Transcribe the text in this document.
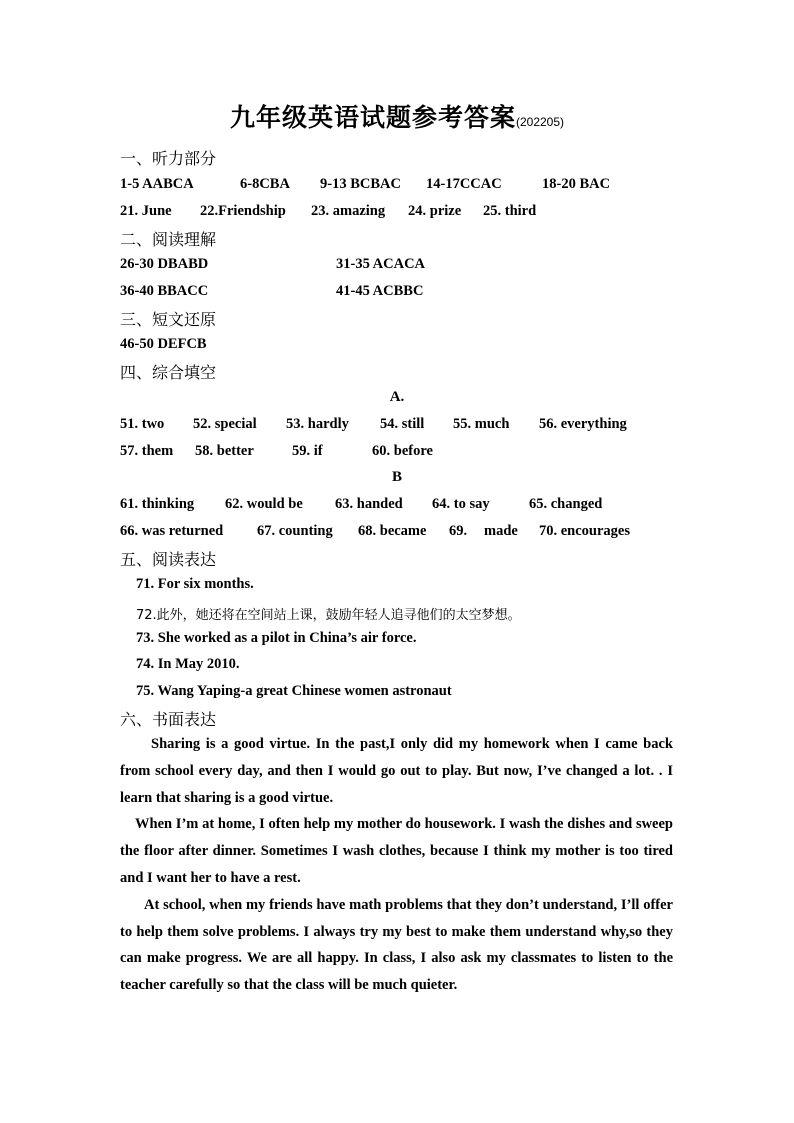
九年级英语试题参考答案(202205)
一、听力部分
1-5 AABCA	6-8CBA 9-13 BCBAC 14-17CCAC	18-20 BAC
21. June 22.Friendship 23. amazing 24. prize 25. third
二、阅读理解
26-30 DBABD	31-35 ACACA
36-40 BBACC	41-45 ACBBC
三、短文还原
46-50 DEFCB
四、综合填空
A.
51. two 52. special 53. hardly 54. still 55. much 56. everything
57. them 58. better	59. if	60. before
B
61. thinking 62. would be 63. handed 64. to say	65. changed
66. was returned 67. counting 68. became 69. made 70. encourages
五、阅读表达
71. For six months.
72.此外，她还将在空间站上课，鼓励年轻人追寻他们的太空梦想。
73. She worked as a pilot in China’s air force.
74. In May 2010.
75. Wang Yaping-a great Chinese women astronaut
六、书面表达

Sharing is a good virtue. In the past,I only did my homework when I came back from school every day, and then I would go out to play. But now, I’ve changed a lot. . I learn that sharing is a good virtue.

When I’m at home, I often help my mother do housework. I wash the dishes and sweep the floor after dinner. Sometimes I wash clothes, because I think my mother is too tired and I want her to have a rest.

At school, when my friends have math problems that they don’t understand, I’ll offer to help them solve problems. I always try my best to make them understand why,so they can make progress. We are all happy. In class, I also ask my classmates to listen to the teacher carefully so that the class will be much quieter.
